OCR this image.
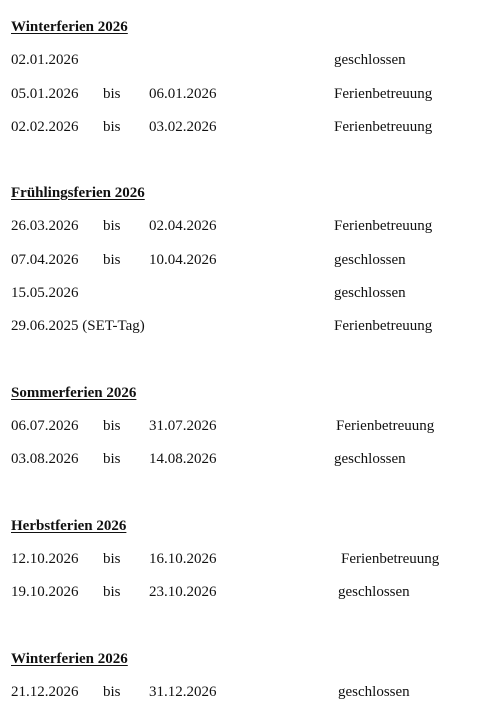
Winterferien 2026
02.01.2026	geschlossen
05.01.2026 bis 06.01.2026	Ferienbetreuung
02.02.2026 bis 03.02.2026	Ferienbetreuung
Frühlingsferien 2026
26.03.2026 bis 02.04.2026	Ferienbetreuung
07.04.2026 bis 10.04.2026	geschlossen
15.05.2026	geschlossen
29.06.2025 (SET-Tag)	Ferienbetreuung
Sommerferien 2026
06.07.2026 bis 31.07.2026	Ferienbetreuung
03.08.2026 bis 14.08.2026	geschlossen
Herbstferien 2026
12.10.2026 bis 16.10.2026	Ferienbetreuung
19.10.2026 bis 23.10.2026	geschlossen
Winterferien 2026
21.12.2026 bis 31.12.2026	geschlossen
